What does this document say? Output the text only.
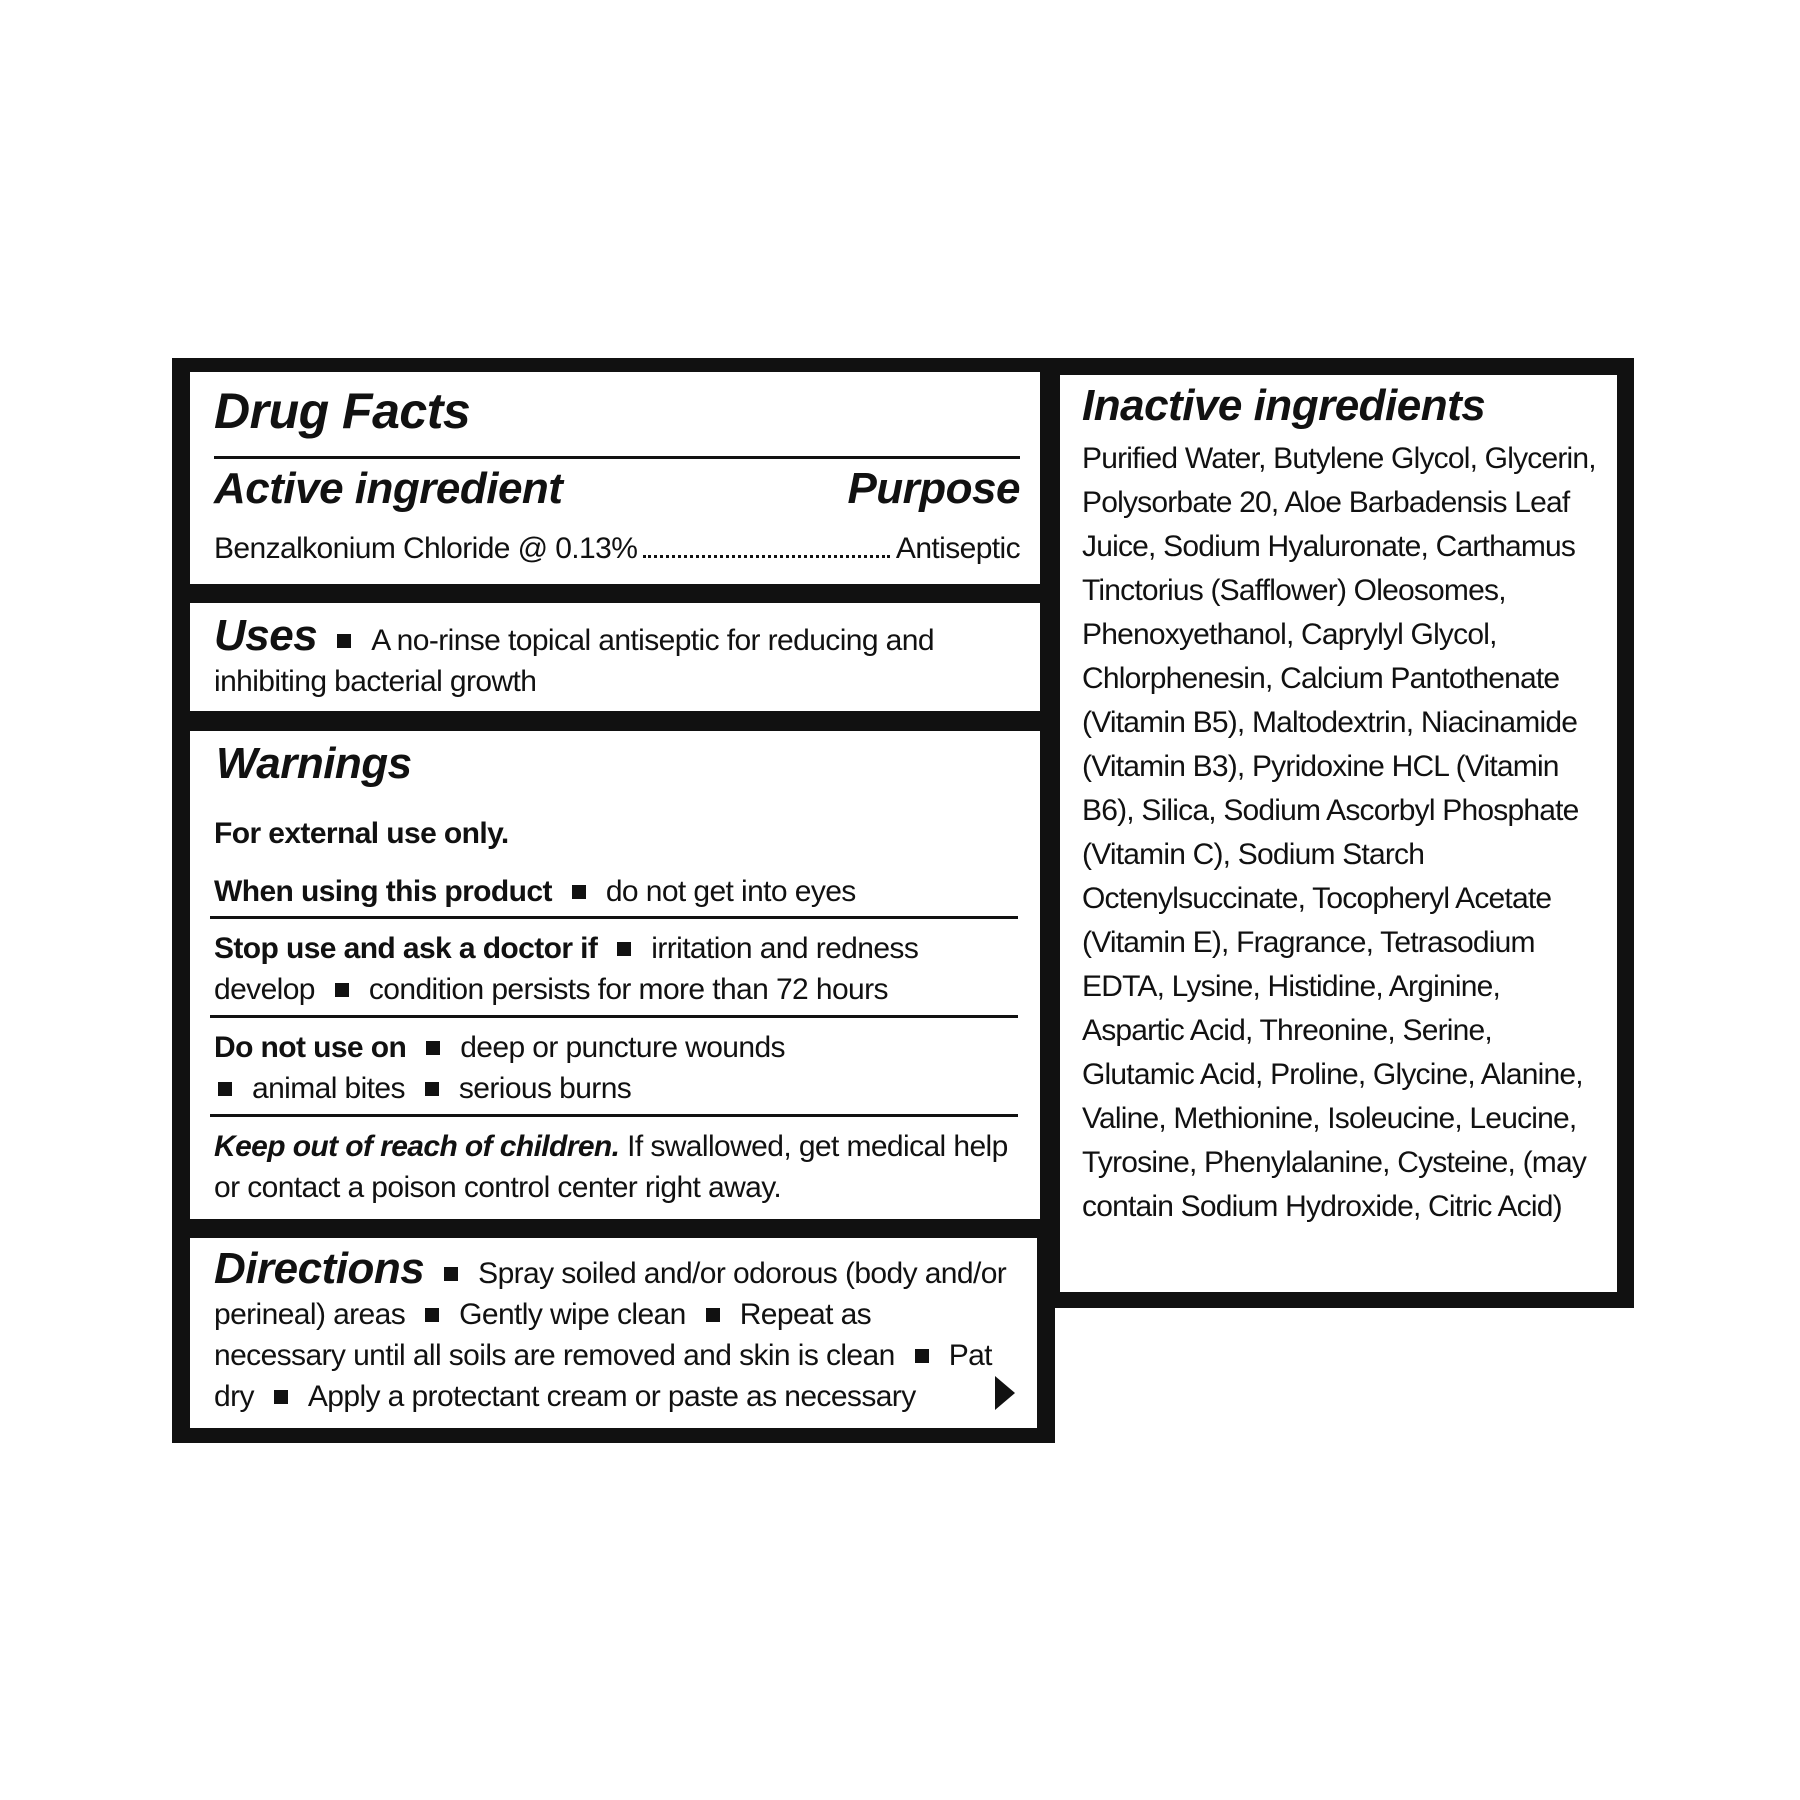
Drug Facts
Active ingredient	Purpose
Benzalkonium Chloride @ 0.13%	Antiseptic
Uses A no-rinse topical antiseptic for reducing and inhibiting bacterial growth
Warnings
For external use only.
When using this product do not get into eyes
Stop use and ask a doctor if irritation and redness develop condition persists for more than 72 hours
Do not use on deep or puncture wounds
animal bites serious burns
Keep out of reach of children. If swallowed, get medical help or contact a poison control center right away.
Directions Spray soiled and/or odorous (body and/or perineal) areas Gently wipe clean Repeat as necessary until all soils are removed and skin is clean Pat dry Apply a protectant cream or paste as necessary
Inactive ingredients
Purified Water, Butylene Glycol, Glycerin, Polysorbate 20, Aloe Barbadensis Leaf Juice, Sodium Hyaluronate, Carthamus Tinctorius (Safflower) Oleosomes, Phenoxyethanol, Caprylyl Glycol, Chlorphenesin, Calcium Pantothenate (Vitamin B5), Maltodextrin, Niacinamide (Vitamin B3), Pyridoxine HCL (Vitamin B6), Silica, Sodium Ascorbyl Phosphate (Vitamin C), Sodium Starch Octenylsuccinate, Tocopheryl Acetate (Vitamin E), Fragrance, Tetrasodium EDTA, Lysine, Histidine, Arginine, Aspartic Acid, Threonine, Serine, Glutamic Acid, Proline, Glycine, Alanine, Valine, Methionine, Isoleucine, Leucine, Tyrosine, Phenylalanine, Cysteine, (may contain Sodium Hydroxide, Citric Acid)
